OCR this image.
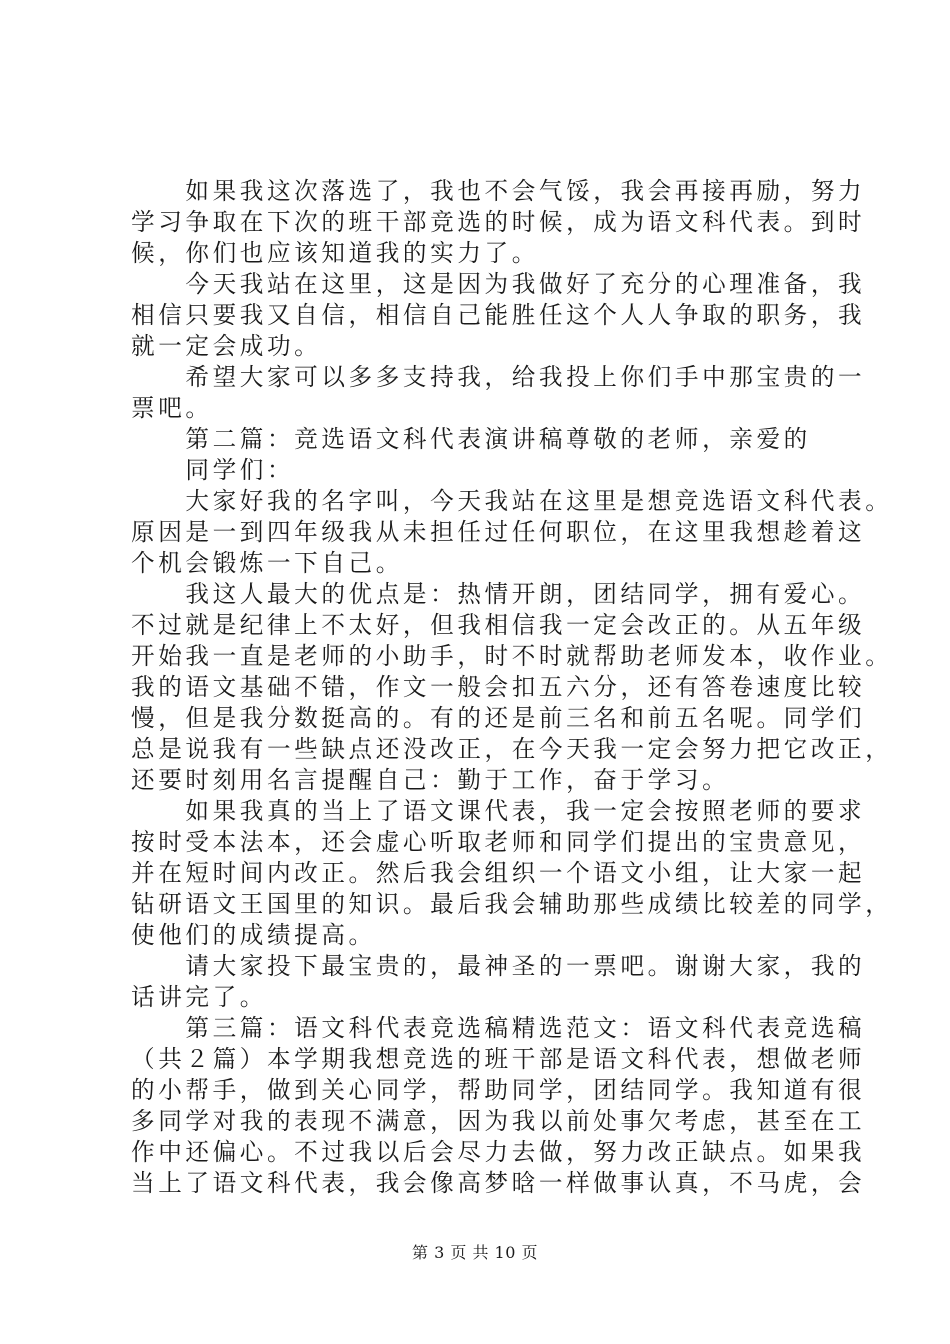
　　如果我这次落选了，我也不会气馁，我会再接再励，努力
学习争取在下次的班干部竞选的时候，成为语文科代表。到时
候，你们也应该知道我的实力了。
　　今天我站在这里，这是因为我做好了充分的心理准备，我
相信只要我又自信，相信自己能胜任这个人人争取的职务，我
就一定会成功。
　　希望大家可以多多支持我，给我投上你们手中那宝贵的一
票吧。
　　第二篇：竞选语文科代表演讲稿尊敬的老师，亲爱的
　　同学们：
　　大家好我的名字叫，今天我站在这里是想竞选语文科代表。
原因是一到四年级我从未担任过任何职位，在这里我想趁着这
个机会锻炼一下自己。
　　我这人最大的优点是：热情开朗，团结同学，拥有爱心。
不过就是纪律上不太好，但我相信我一定会改正的。从五年级
开始我一直是老师的小助手，时不时就帮助老师发本，收作业。
我的语文基础不错，作文一般会扣五六分，还有答卷速度比较
慢，但是我分数挺高的。有的还是前三名和前五名呢。同学们
总是说我有一些缺点还没改正，在今天我一定会努力把它改正，
还要时刻用名言提醒自己：勤于工作，奋于学习。
　　如果我真的当上了语文课代表，我一定会按照老师的要求
按时受本法本，还会虚心听取老师和同学们提出的宝贵意见，
并在短时间内改正。然后我会组织一个语文小组，让大家一起
钻研语文王国里的知识。最后我会辅助那些成绩比较差的同学，
使他们的成绩提高。
　　请大家投下最宝贵的，最神圣的一票吧。谢谢大家，我的
话讲完了。
　　第三篇：语文科代表竞选稿精选范文：语文科代表竞选稿
（共２篇）本学期我想竞选的班干部是语文科代表，想做老师
的小帮手，做到关心同学，帮助同学，团结同学。我知道有很
多同学对我的表现不满意，因为我以前处事欠考虑，甚至在工
作中还偏心。不过我以后会尽力去做，努力改正缺点。如果我
当上了语文科代表，我会像高梦晗一样做事认真，不马虎，会
第 3 页 共 10 页
